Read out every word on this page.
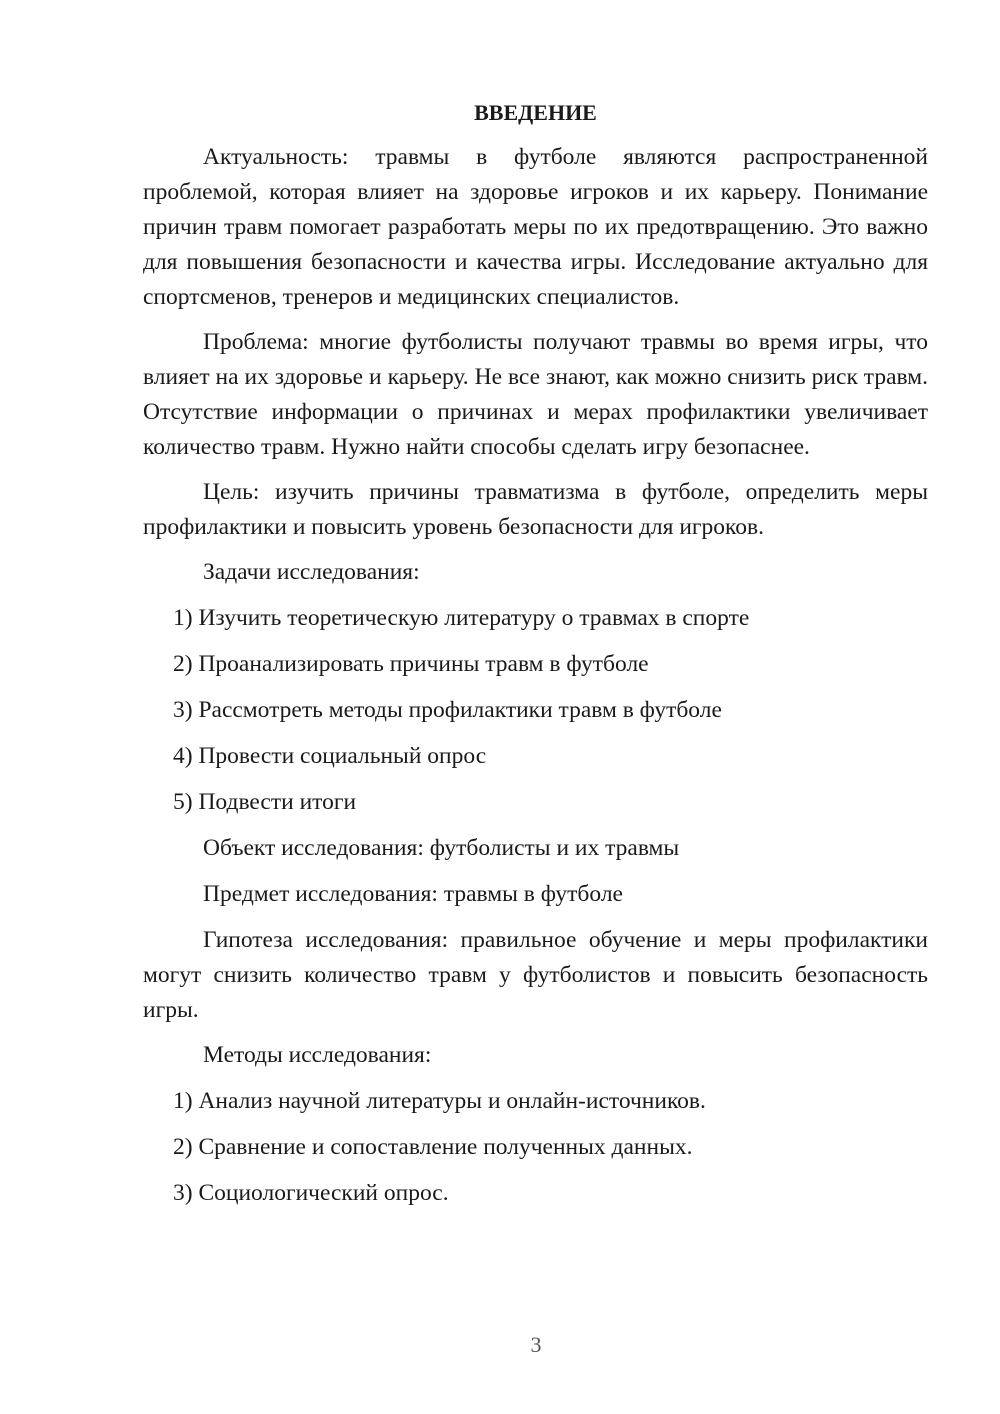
ВВЕДЕНИЕ

Актуальность: травмы в футболе являются распространенной проблемой, которая влияет на здоровье игроков и их карьеру. Понимание причин травм помогает разработать меры по их предотвращению. Это важно для повышения безопасности и качества игры. Исследование актуально для спортсменов, тренеров и медицинских специалистов.

Проблема: многие футболисты получают травмы во время игры, что влияет на их здоровье и карьеру. Не все знают, как можно снизить риск травм. Отсутствие информации о причинах и мерах профилактики увеличивает количество травм. Нужно найти способы сделать игру безопаснее.

Цель: изучить причины травматизма в футболе, определить меры профилактики и повысить уровень безопасности для игроков.

Задачи исследования:

1) Изучить теоретическую литературу о травмах в спорте

2) Проанализировать причины травм в футболе

3) Рассмотреть методы профилактики травм в футболе

4) Провести социальный опрос

5) Подвести итоги

Объект исследования: футболисты и их травмы

Предмет исследования: травмы в футболе

Гипотеза исследования: правильное обучение и меры профилактики могут снизить количество травм у футболистов и повысить безопасность игры.

Методы исследования:

1) Анализ научной литературы и онлайн-источников.

2) Сравнение и сопоставление полученных данных.

3) Социологический опрос.

3
